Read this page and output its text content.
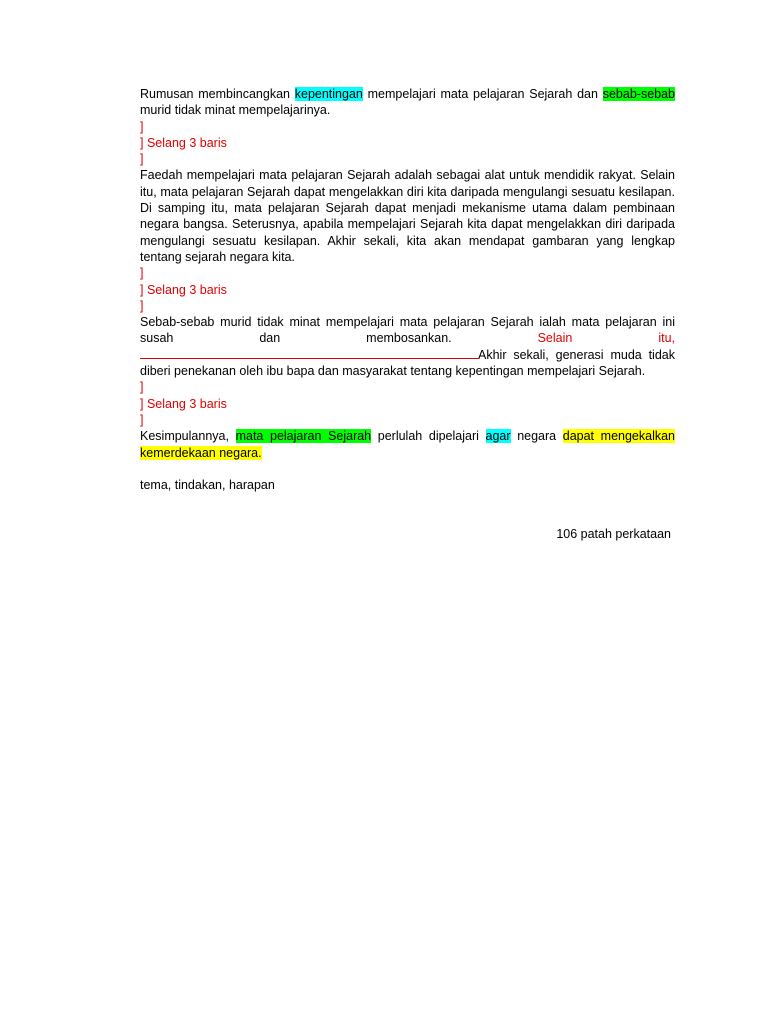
Rumusan membincangkan kepentingan mempelajari mata pelajaran Sejarah dan sebab-sebab murid tidak minat mempelajarinya.

]

] Selang 3 baris

]

Faedah mempelajari mata pelajaran Sejarah adalah sebagai alat untuk mendidik rakyat. Selain itu, mata pelajaran Sejarah dapat mengelakkan diri kita daripada mengulangi sesuatu kesilapan. Di samping itu, mata pelajaran Sejarah dapat menjadi mekanisme utama dalam pembinaan negara bangsa. Seterusnya, apabila mempelajari Sejarah kita dapat mengelakkan diri daripada mengulangi sesuatu kesilapan. Akhir sekali, kita akan mendapat gambaran yang lengkap tentang sejarah negara kita.

]

] Selang 3 baris

]

Sebab-sebab murid tidak minat mempelajari mata pelajaran Sejarah ialah mata pelajaran ini susah dan membosankan. Selain itu, Akhir sekali, generasi muda tidak diberi penekanan oleh ibu bapa dan masyarakat tentang kepentingan mempelajari Sejarah.

]

] Selang 3 baris

]

Kesimpulannya, mata pelajaran Sejarah perlulah dipelajari agar negara dapat mengekalkan kemerdekaan negara.

tema, tindakan, harapan

106 patah perkataan
